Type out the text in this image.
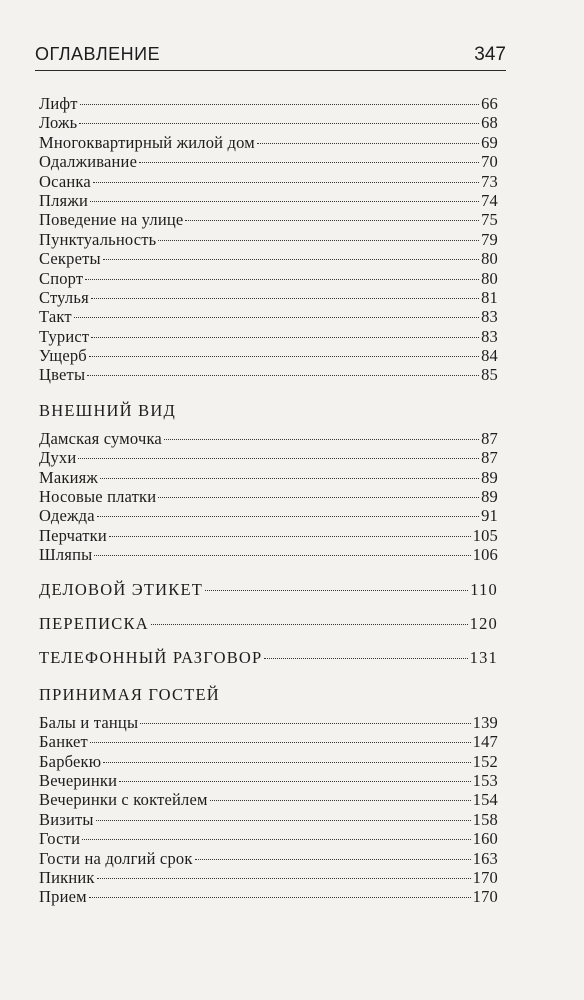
ОГЛАВЛЕНИЕ	347
Лифт	66
Ложь	68
Многоквартирный жилой дом	69
Одалживание	70
Осанка	73
Пляжи	74
Поведение на улице	75
Пунктуальность	79
Секреты	80
Спорт	80
Стулья	81
Такт	83
Турист	83
Ущерб	84
Цветы	85
ВНЕШНИЙ ВИД
Дамская сумочка	87
Духи	87
Макияж	89
Носовые платки	89
Одежда	91
Перчатки	105
Шляпы	106
ДЕЛОВОЙ ЭТИКЕТ	110
ПЕРЕПИСКА	120
ТЕЛЕФОННЫЙ РАЗГОВОР	131
ПРИНИМАЯ ГОСТЕЙ
Балы и танцы	139
Банкет	147
Барбекю	152
Вечеринки	153
Вечеринки с коктейлем	154
Визиты	158
Гости	160
Гости на долгий срок	163
Пикник	170
Прием	170
